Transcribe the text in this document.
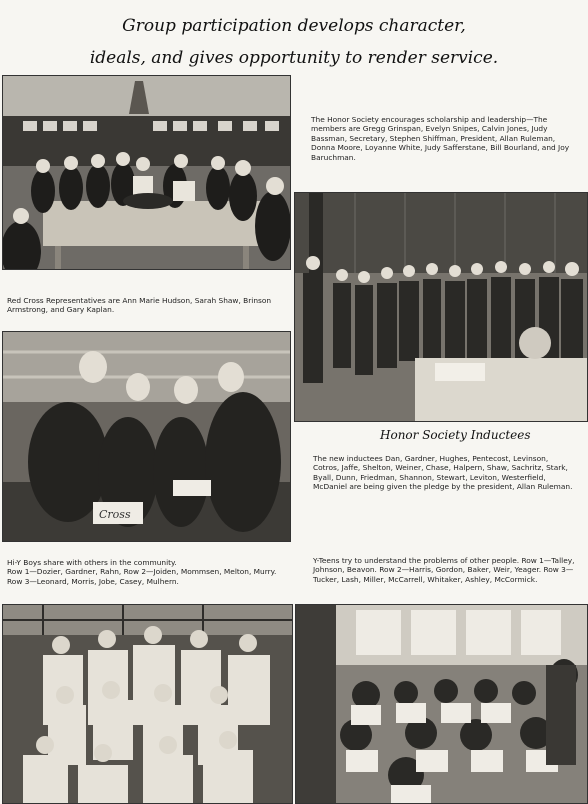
Group participation develops character,
ideals, and gives opportunity to render service.
The Honor Society encourages scholarship and leadership—The members are Gregg Grinspan, Evelyn Snipes, Calvin Jones, Judy Bassman, Secretary, Stephen Shiffman, President, Allan Ruleman, Donna Moore, Loyanne White, Judy Safferstane, Bill Bourland, and Joy Baruchman.
Honor Society Inductees
The new inductees Dan, Gardner, Hughes, Pentecost, Levinson, Cotros, Jaffe, Shelton, Weiner, Chase, Halpern, Shaw, Sachritz, Stark, Byall, Dunn, Friedman, Shannon, Stewart, Leviton, Westerfield, McDaniel are being given the pledge by the president, Allan Ruleman.
Red Cross Representatives are Ann Marie Hudson, Sarah Shaw, Brinson Armstrong, and Gary Kaplan.
Cross
Hi-Y Boys share with others in the community.
Row 1—Dozier, Gardner, Rahn, Row 2—Joiden, Mommsen, Melton, Murry. Row 3—Leonard, Morris, Jobe, Casey, Mulhern.
Y-Teens try to understand the problems of other people. Row 1—Talley, Johnson, Beavon. Row 2—Harris, Gordon, Baker, Weir, Yeager. Row 3—Tucker, Lash, Miller, McCarrell, Whitaker, Ashley, McCormick.
